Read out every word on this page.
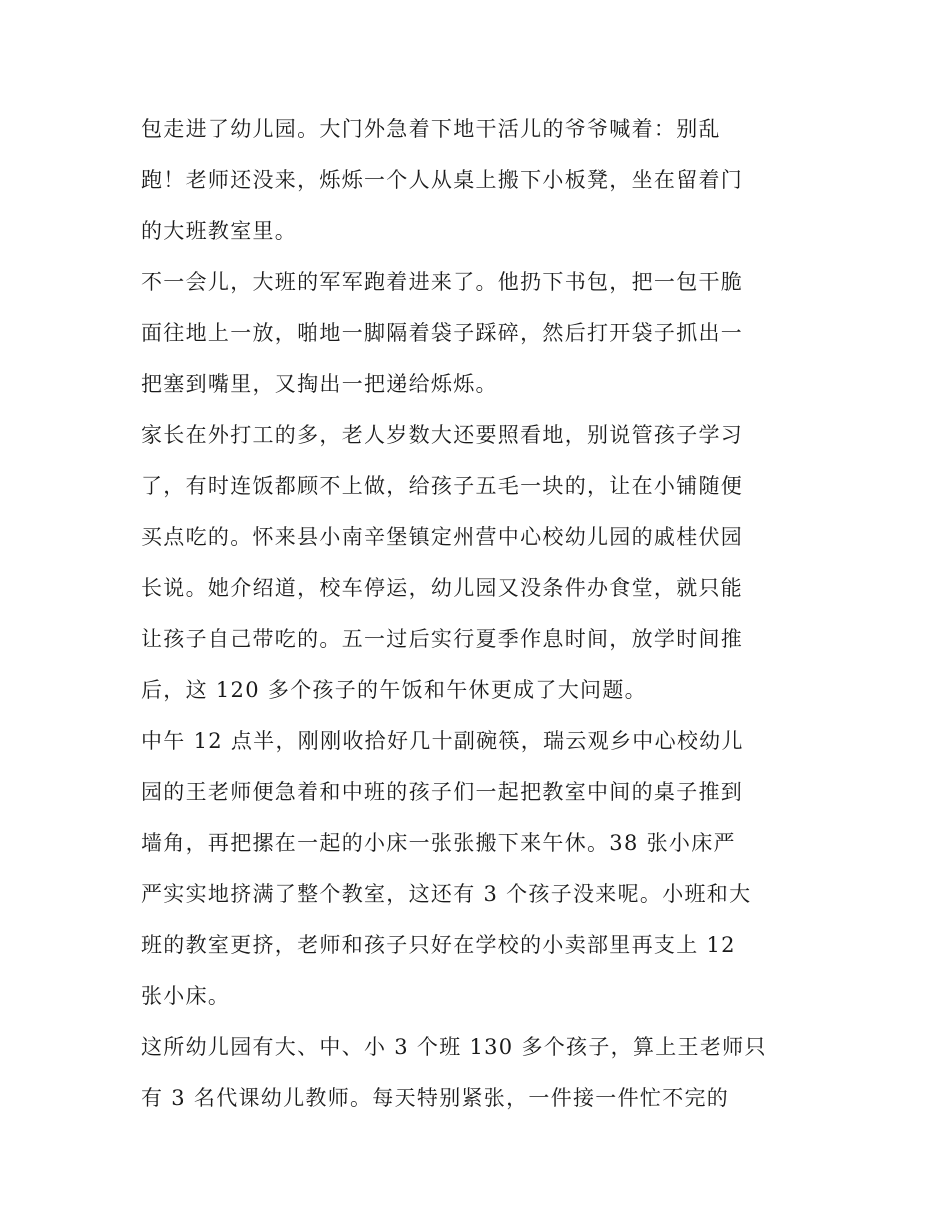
包走进了幼儿园。大门外急着下地干活儿的爷爷喊着：别乱
跑！老师还没来，烁烁一个人从桌上搬下小板凳，坐在留着门
的大班教室里。
不一会儿，大班的军军跑着进来了。他扔下书包，把一包干脆
面往地上一放，啪地一脚隔着袋子踩碎，然后打开袋子抓出一
把塞到嘴里，又掏出一把递给烁烁。
家长在外打工的多，老人岁数大还要照看地，别说管孩子学习
了，有时连饭都顾不上做，给孩子五毛一块的，让在小铺随便
买点吃的。怀来县小南辛堡镇定州营中心校幼儿园的戚桂伏园
长说。她介绍道，校车停运，幼儿园又没条件办食堂，就只能
让孩子自己带吃的。五一过后实行夏季作息时间，放学时间推
后，这 120 多个孩子的午饭和午休更成了大问题。
中午 12 点半，刚刚收拾好几十副碗筷，瑞云观乡中心校幼儿
园的王老师便急着和中班的孩子们一起把教室中间的桌子推到
墙角，再把摞在一起的小床一张张搬下来午休。38 张小床严
严实实地挤满了整个教室，这还有 3 个孩子没来呢。小班和大
班的教室更挤，老师和孩子只好在学校的小卖部里再支上 12
张小床。
这所幼儿园有大、中、小 3 个班 130 多个孩子，算上王老师只
有 3 名代课幼儿教师。每天特别紧张，一件接一件忙不完的
